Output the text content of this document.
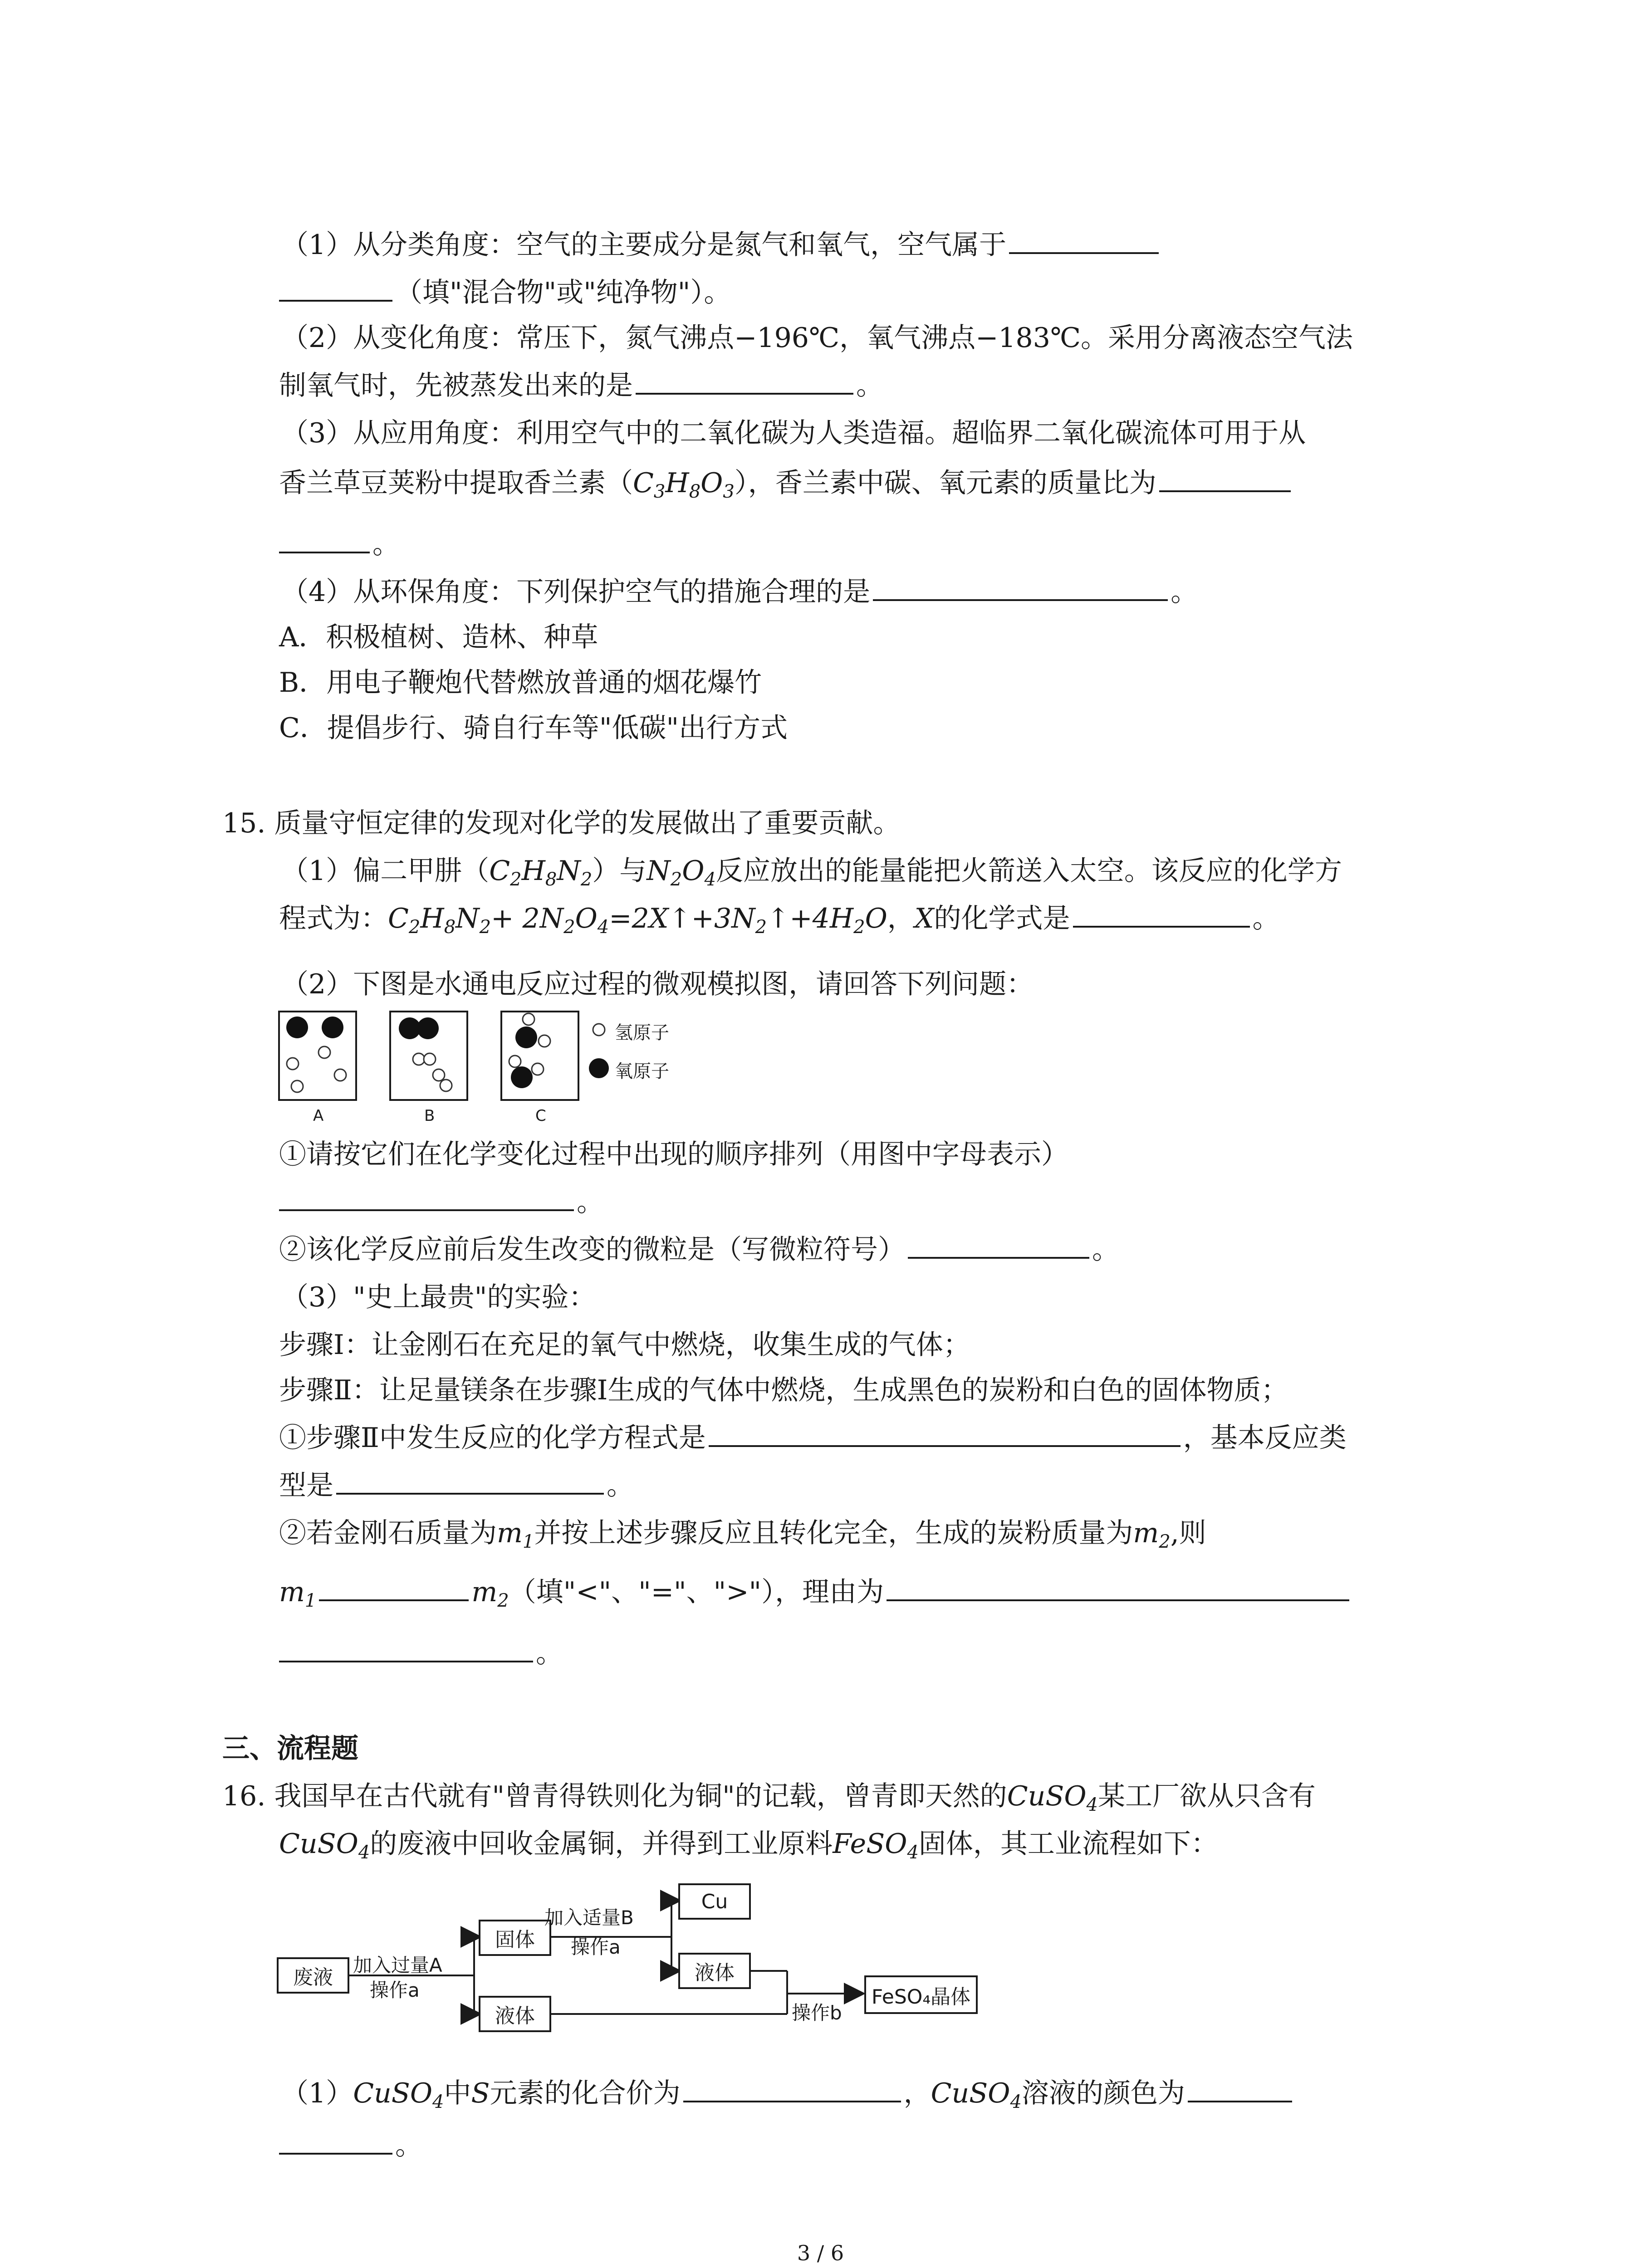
（1）从分类角度：空气的主要成分是氮气和氧气，空气属于
（填"混合物"或"纯净物"）。
（2）从变化角度：常压下，氮气沸点−196℃，氧气沸点−183℃。采用分离液态空气法
制氧气时，先被蒸发出来的是	。
（3）从应用角度：利用空气中的二氧化碳为人类造福。超临界二氧化碳流体可用于从
香兰草豆荚粉中提取香兰素$(C_3H_8O_3)$，香兰素中碳、氧元素的质量比为
。
（4）从环保角度：下列保护空气的措施合理的是	。
A．积极植树、造林、种草
B．用电子鞭炮代替燃放普通的烟花爆竹
C．提倡步行、骑自行车等"低碳"出行方式
15. 质量守恒定律的发现对化学的发展做出了重要贡献。
（1）偏二甲肼$(C_2H_8N_2)$与$N_2O_4$反应放出的能量能把火箭送入太空。该反应的化学方
程式为：$C_2H_8N_2+$ $2N_2O_4=2X↑+3N_2↑+4H_2O$，X的化学式是	。
（2）下图是水通电反应过程的微观模拟图，请回答下列问题：
氢原子
氧原子
A	B	C
①请按它们在化学变化过程中出现的顺序排列（用图中字母表示）
。
②该化学反应前后发生改变的微粒是（写微粒符号）	。
（3）"史上最贵"的实验：
步骤Ⅰ：让金刚石在充足的氧气中燃烧，收集生成的气体；
步骤Ⅱ：让足量镁条在步骤Ⅰ生成的气体中燃烧，生成黑色的炭粉和白色的固体物质；
①步骤Ⅱ中发生反应的化学方程式是	，基本反应类
型是	。
②若金刚石质量为$m_1$并按上述步骤反应且转化完全，生成的炭粉质量为$m_2$,则
$m_1$	$m_2$（填"<"、"="、">"），理由为
。
三、流程题
16. 我国早在古代就有"曾青得铁则化为铜"的记载，曾青即天然的CuSO$_4$某工厂欲从只含有
CuSO$_4$的废液中回收金属铜，并得到工业原料FeSO$_4$固体，其工业流程如下：
废液
加入过量A
操作a
固体
加入适量B
操作a
Cu
液体
液体	操作b
FeSO₄晶体
（1）CuSO$_4$中S元素的化合价为	，CuSO$_4$溶液的颜色为
。
3 / 6
